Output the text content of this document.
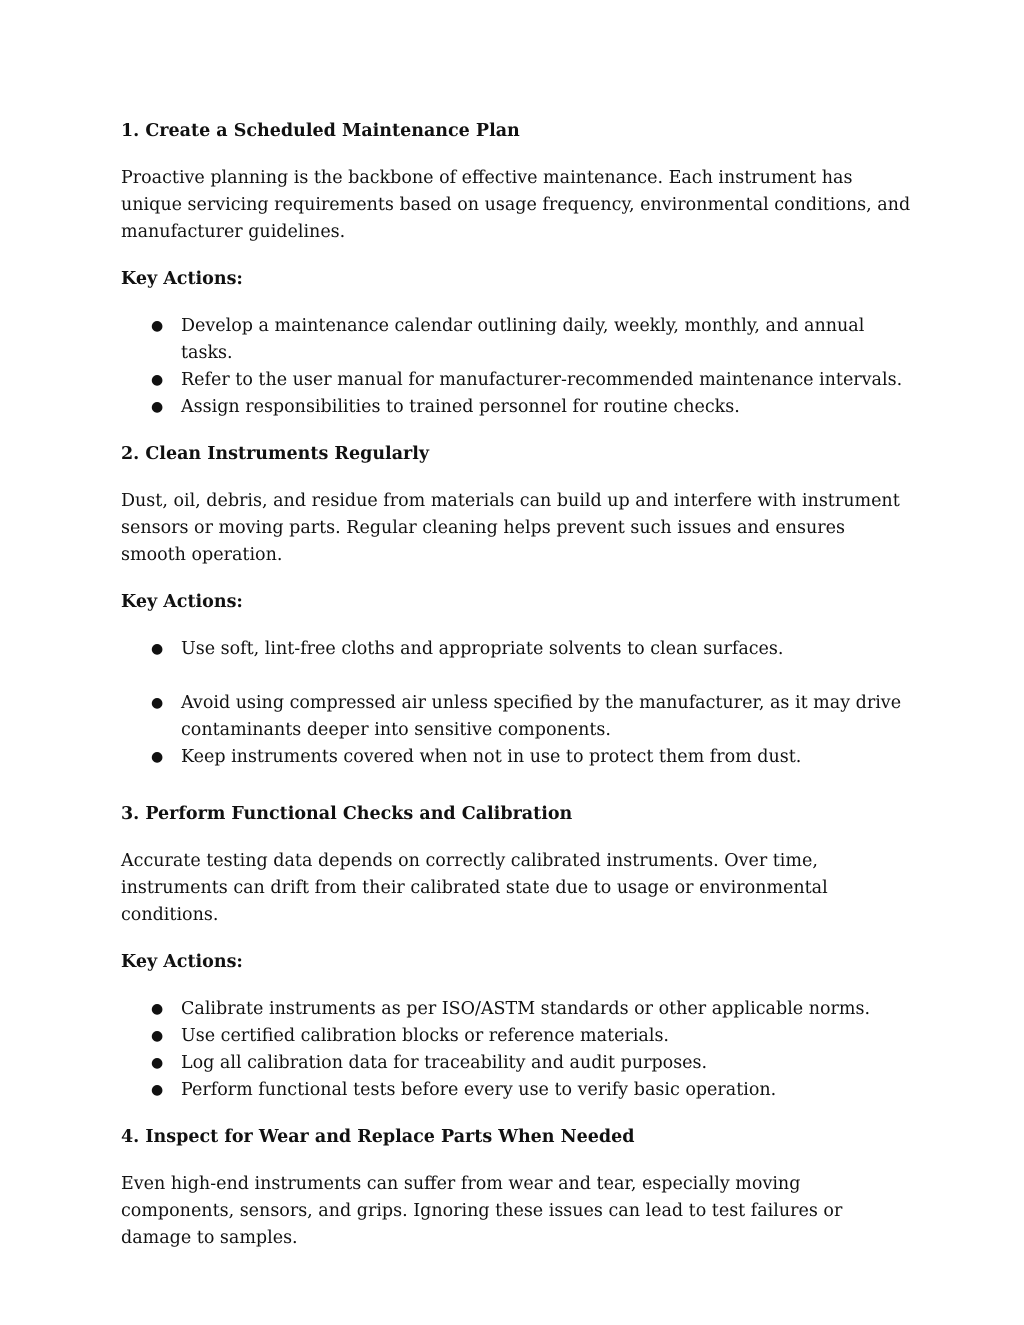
1. Create a Scheduled Maintenance Plan

Proactive planning is the backbone of effective maintenance. Each instrument has unique servicing requirements based on usage frequency, environmental conditions, and manufacturer guidelines.

Key Actions:

● Develop a maintenance calendar outlining daily, weekly, monthly, and annual tasks.
● Refer to the user manual for manufacturer-recommended maintenance intervals.
● Assign responsibilities to trained personnel for routine checks.

2. Clean Instruments Regularly

Dust, oil, debris, and residue from materials can build up and interfere with instrument sensors or moving parts. Regular cleaning helps prevent such issues and ensures smooth operation.

Key Actions:

● Use soft, lint-free cloths and appropriate solvents to clean surfaces.
● Avoid using compressed air unless specified by the manufacturer, as it may drive contaminants deeper into sensitive components.
● Keep instruments covered when not in use to protect them from dust.

3. Perform Functional Checks and Calibration

Accurate testing data depends on correctly calibrated instruments. Over time, instruments can drift from their calibrated state due to usage or environmental conditions.

Key Actions:

● Calibrate instruments as per ISO/ASTM standards or other applicable norms.
● Use certified calibration blocks or reference materials.
● Log all calibration data for traceability and audit purposes.
● Perform functional tests before every use to verify basic operation.

4. Inspect for Wear and Replace Parts When Needed

Even high-end instruments can suffer from wear and tear, especially moving components, sensors, and grips. Ignoring these issues can lead to test failures or damage to samples.
